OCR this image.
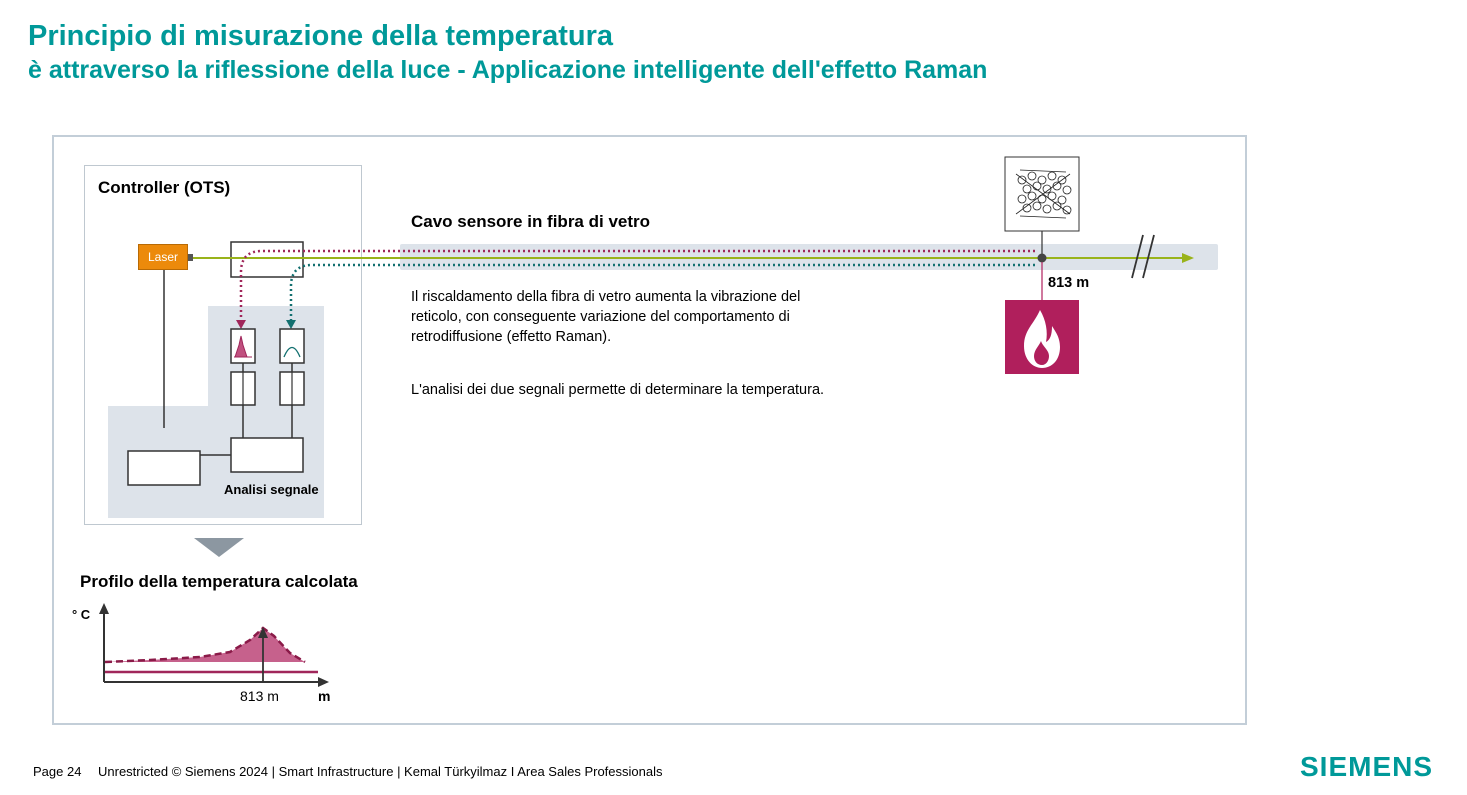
Principio di misurazione della temperatura
è attraverso la riflessione della luce - Applicazione intelligente dell'effetto Raman
Laser
Controller (OTS)
Analisi segnale
Cavo sensore in fibra di vetro
Il riscaldamento della fibra di vetro aumenta la vibrazione del reticolo, con conseguente variazione del comportamento di retrodiffusione (effetto Raman).
L'analisi dei due segnali permette di determinare la temperatura.
813 m
Profilo della temperatura calcolata
° C
813 m	m
Page 24 Unrestricted © Siemens 2024 | Smart Infrastructure | Kemal Türkyilmaz I Area Sales Professionals	SIEMENS
